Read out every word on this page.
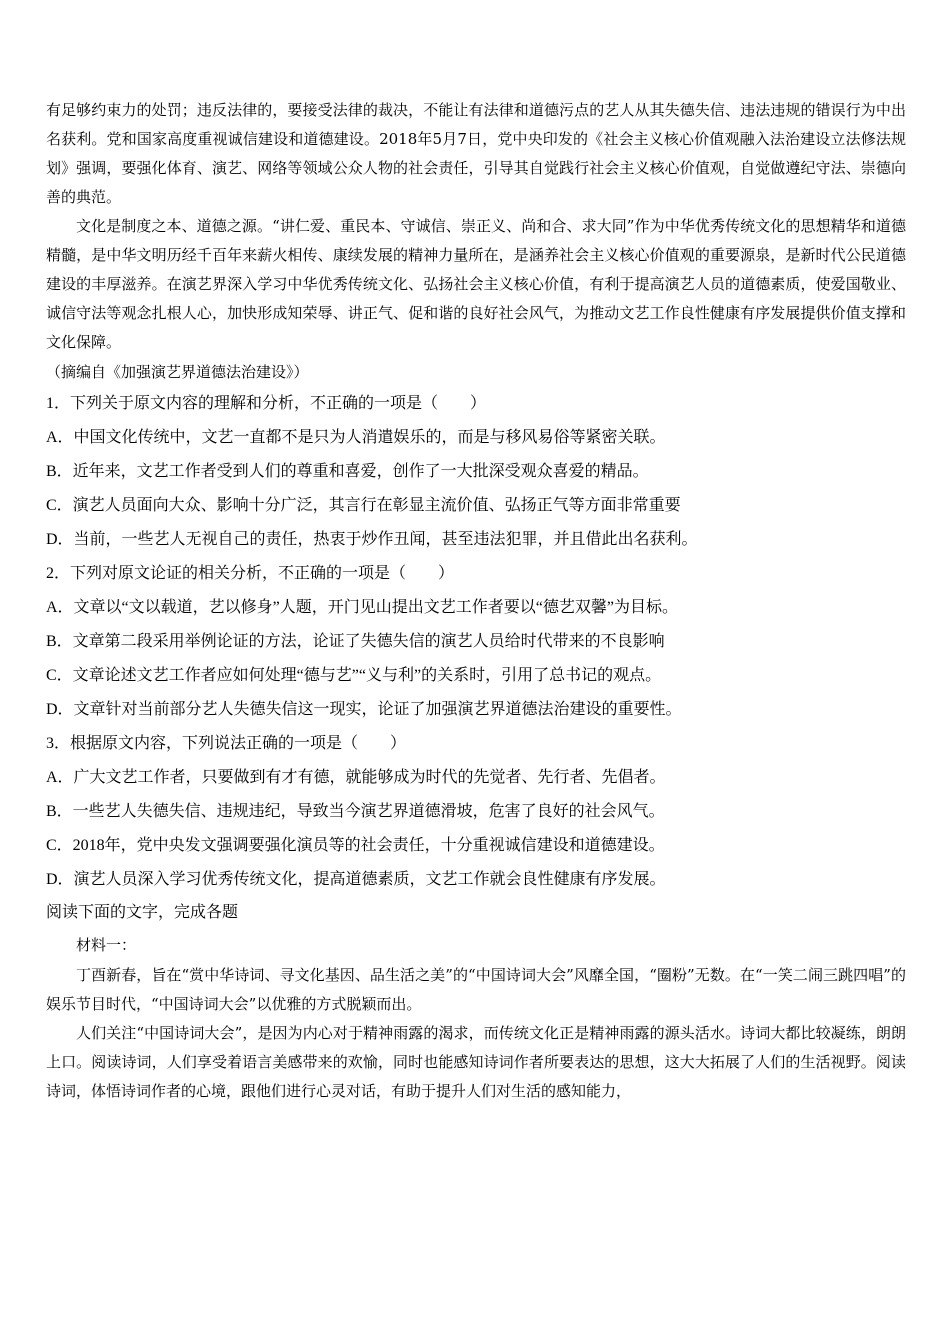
有足够约束力的处罚；违反法律的，要接受法律的裁决，不能让有法律和道德污点的艺人从其失德失信、违法违规的错误行为中出名获利。党和国家高度重视诚信建设和道德建设。2018年5月7日，党中央印发的《社会主义核心价值观融入法治建设立法修法规划》强调，要强化体育、演艺、网络等领域公众人物的社会责任，引导其自觉践行社会主义核心价值观，自觉做遵纪守法、崇德向善的典范。

文化是制度之本、道德之源。“讲仁爱、重民本、守诚信、崇正义、尚和合、求大同”作为中华优秀传统文化的思想精华和道德精髓，是中华文明历经千百年来薪火相传、康续发展的精神力量所在，是涵养社会主义核心价值观的重要源泉，是新时代公民道德建设的丰厚滋养。在演艺界深入学习中华优秀传统文化、弘扬社会主义核心价值，有利于提高演艺人员的道德素质，使爱国敬业、诚信守法等观念扎根人心，加快形成知荣辱、讲正气、促和谐的良好社会风气，为推动文艺工作良性健康有序发展提供价值支撑和文化保障。

（摘编自《加强演艺界道德法治建设》）

1．下列关于原文内容的理解和分析，不正确的一项是（　　）

A．中国文化传统中，文艺一直都不是只为人消遣娱乐的，而是与移风易俗等紧密关联。

B．近年来，文艺工作者受到人们的尊重和喜爱，创作了一大批深受观众喜爱的精品。

C．演艺人员面向大众、影响十分广泛，其言行在彰显主流价值、弘扬正气等方面非常重要

D．当前，一些艺人无视自己的责任，热衷于炒作丑闻，甚至违法犯罪，并且借此出名获利。

2．下列对原文论证的相关分析，不正确的一项是（　　）

A．文章以“文以载道，艺以修身”人题，开门见山提出文艺工作者要以“德艺双馨”为目标。

B．文章第二段采用举例论证的方法，论证了失德失信的演艺人员给时代带来的不良影响

C．文章论述文艺工作者应如何处理“德与艺”“义与利”的关系时，引用了总书记的观点。

D．文章针对当前部分艺人失德失信这一现实，论证了加强演艺界道德法治建设的重要性。

3．根据原文内容，下列说法正确的一项是（　　）

A．广大文艺工作者，只要做到有才有德，就能够成为时代的先觉者、先行者、先倡者。

B．一些艺人失德失信、违规违纪，导致当今演艺界道德滑坡，危害了良好的社会风气。

C．2018年，党中央发文强调要强化演员等的社会责任，十分重视诚信建设和道德建设。

D．演艺人员深入学习优秀传统文化，提高道德素质，文艺工作就会良性健康有序发展。

阅读下面的文字，完成各题

材料一：

丁酉新春，旨在“赏中华诗词、寻文化基因、品生活之美”的“中国诗词大会”风靡全国，“圈粉”无数。在“一笑二闹三跳四唱”的娱乐节目时代，“中国诗词大会”以优雅的方式脱颖而出。

人们关注“中国诗词大会”，是因为内心对于精神雨露的渴求，而传统文化正是精神雨露的源头活水。诗词大都比较凝练，朗朗上口。阅读诗词，人们享受着语言美感带来的欢愉，同时也能感知诗词作者所要表达的思想，这大大拓展了人们的生活视野。阅读诗词，体悟诗词作者的心境，跟他们进行心灵对话，有助于提升人们对生活的感知能力，
